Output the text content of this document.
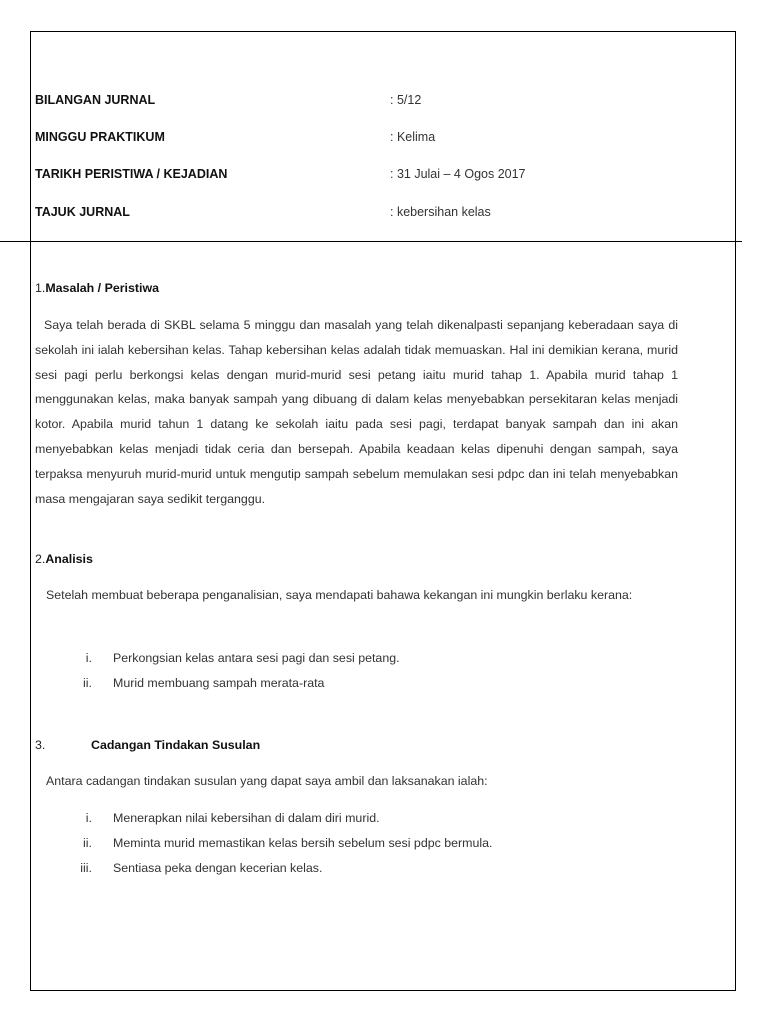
BILANGAN JURNAL	: 5/12
MINGGU PRAKTIKUM	: Kelima
TARIKH PERISTIWA / KEJADIAN	: 31 Julai – 4 Ogos 2017
TAJUK JURNAL	: kebersihan kelas
1.Masalah / Peristiwa
Saya telah berada di SKBL selama 5 minggu dan masalah yang telah dikenalpasti sepanjang keberadaan saya di sekolah ini ialah kebersihan kelas. Tahap kebersihan kelas adalah tidak memuaskan. Hal ini demikian kerana, murid sesi pagi perlu berkongsi kelas dengan murid-murid sesi petang iaitu murid tahap 1. Apabila murid tahap 1 menggunakan kelas, maka banyak sampah yang dibuang di dalam kelas menyebabkan persekitaran kelas menjadi kotor. Apabila murid tahun 1 datang ke sekolah iaitu pada sesi pagi, terdapat banyak sampah dan ini akan menyebabkan kelas menjadi tidak ceria dan bersepah. Apabila keadaan kelas dipenuhi dengan sampah, saya terpaksa menyuruh murid-murid untuk mengutip sampah sebelum memulakan sesi pdpc dan ini telah menyebabkan masa mengajaran saya sedikit terganggu.
2.Analisis
Setelah membuat beberapa penganalisian, saya mendapati bahawa kekangan ini mungkin berlaku kerana:
i. Perkongsian kelas antara sesi pagi dan sesi petang.
ii. Murid membuang sampah merata-rata
3.	Cadangan Tindakan Susulan
Antara cadangan tindakan susulan yang dapat saya ambil dan laksanakan ialah:
i. Menerapkan nilai kebersihan di dalam diri murid.
ii. Meminta murid memastikan kelas bersih sebelum sesi pdpc bermula.
iii. Sentiasa peka dengan kecerian kelas.
